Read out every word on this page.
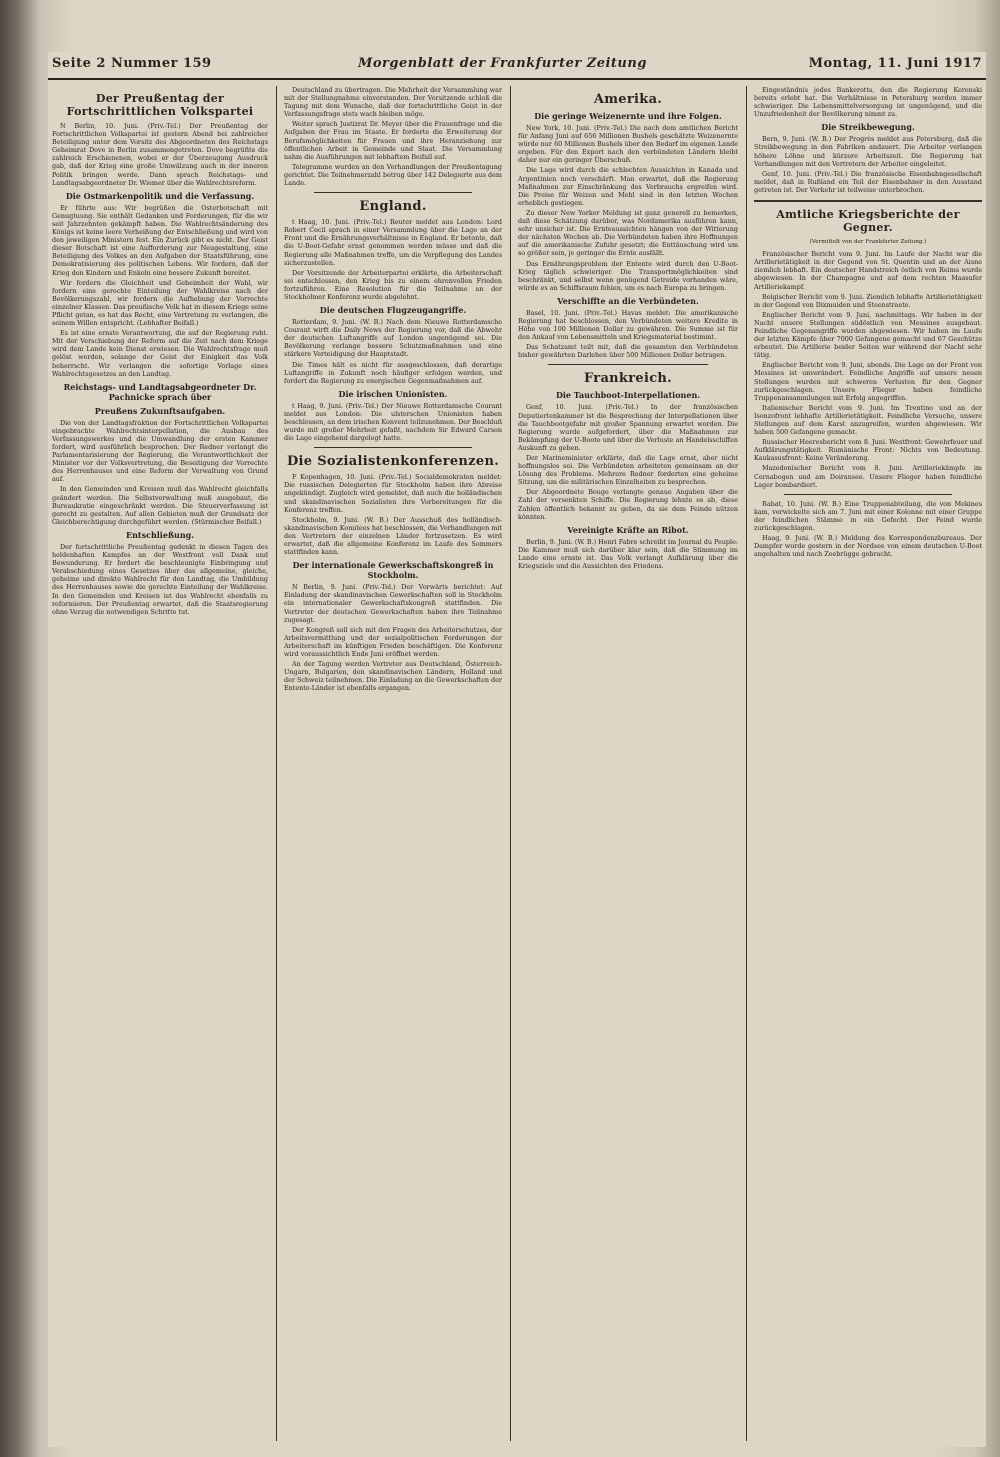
Seite 2 Nummer 159	Morgenblatt der Frankfurter Zeitung	Montag, 11. Juni 1917
Der Preußentag der Fortschrittlichen Volkspartei

N Berlin, 10. Juni. (Priv.-Tel.) Der Preußentag der Fortschrittlichen Volkspartei ist gestern Abend bei zahlreicher Beteiligung unter dem Vorsitz des Abgeordneten des Reichstags Geheimrat Dove in Berlin zusammengetreten. Dove begrüßte die zahlreich Erschienenen, wobei er der Überzeugung Ausdruck gab, daß der Krieg eine große Umwälzung auch in der inneren Politik bringen werde. Dann sprach Reichstags- und Landtagsabgeordneter Dr. Wiemer über die Wahlrechtsreform.

Die Ostmarkenpolitik und die Verfassung.

Er führte aus: Wir begrüßen die Osterbotschaft mit Genugtuung. Sie enthält Gedanken und Forderungen, für die wir seit Jahrzehnten gekämpft haben. Die Wahlrechtsänderung des Königs ist keine leere Verheißung der Entschließung und wird von den jeweiligen Ministern fest. Ein Zurück gibt es nicht. Der Geist dieser Botschaft ist eine Aufforderung zur Neugestaltung, eine Beteiligung des Volkes an den Aufgaben der Staatsführung, eine Demokratisierung des politischen Lebens. Wir fordern, daß der Krieg den Kindern und Enkeln eine bessere Zukunft bereitet.

Wir fordern die Gleichheit und Geheimheit der Wahl, wir fordern eine gerechte Einteilung der Wahlkreise nach der Bevölkerungszahl, wir fordern die Aufhebung der Vorrechte einzelner Klassen. Das preußische Volk hat in diesem Kriege seine Pflicht getan, es hat das Recht, eine Vertretung zu verlangen, die seinem Willen entspricht. (Lebhafter Beifall.)

Es ist eine ernste Verantwortung, die auf der Regierung ruht. Mit der Verschiebung der Reform auf die Zeit nach dem Kriege wird dem Lande kein Dienst erwiesen. Die Wahlrechtsfrage muß gelöst werden, solange der Geist der Einigkeit das Volk beherrscht. Wir verlangen die sofortige Vorlage eines Wahlrechtsgesetzes an den Landtag.

Reichstags- und Landtagsabgeordneter Dr. Pachnicke sprach über
Preußens Zukunftsaufgaben.

Die von der Landtagsfraktion der Fortschrittlichen Volkspartei eingebrachte Wahlrechtsinterpellation, die Ausbau des Verfassungswerkes und die Umwandlung der ersten Kammer fordert, wird ausführlich besprochen. Der Redner verlangt die Parlamentarisierung der Regierung, die Verantwortlichkeit der Minister vor der Volksvertretung, die Beseitigung der Vorrechte des Herrenhauses und eine Reform der Verwaltung von Grund auf.

In den Gemeinden und Kreisen muß das Wahlrecht gleichfalls geändert werden. Die Selbstverwaltung muß ausgebaut, die Bureaukratie eingeschränkt werden. Die Steuerverfassung ist gerecht zu gestalten. Auf allen Gebieten muß der Grundsatz der Gleichberechtigung durchgeführt werden. (Stürmischer Beifall.)

Entschließung.

Der fortschrittliche Preußentag gedenkt in diesen Tagen des heldenhaften Kampfes an der Westfront voll Dank und Bewunderung. Er fordert die beschleunigte Einbringung und Verabschiedung eines Gesetzes über das allgemeine, gleiche, geheime und direkte Wahlrecht für den Landtag, die Umbildung des Herrenhauses sowie die gerechte Einteilung der Wahlkreise. In den Gemeinden und Kreisen ist das Wahlrecht ebenfalls zu reformieren. Der Preußentag erwartet, daß die Staatsregierung ohne Verzug die notwendigen Schritte tut.

Deutschland zu übertragen. Die Mehrheit der Versammlung war mit der Stellungnahme einverstanden. Der Vorsitzende schloß die Tagung mit dem Wunsche, daß der fortschrittliche Geist in der Verfassungsfrage stets wach bleiben möge.

Weiter sprach Justizrat Dr. Meyer über die Frauenfrage und die Aufgaben der Frau im Staate. Er forderte die Erweiterung der Berufsmöglichkeiten für Frauen und ihre Heranziehung zur öffentlichen Arbeit in Gemeinde und Staat. Die Versammlung nahm die Ausführungen mit lebhaftem Beifall auf.

Telegramme wurden an den Verhandlungen der Preußentagung gerichtet. Die Teilnehmerzahl betrug über 142 Delegierte aus dem Lande.

England.

t Haag, 10. Juni. (Priv.-Tel.) Reuter meldet aus London: Lord Robert Cecil sprach in einer Versammlung über die Lage an der Front und die Ernährungsverhältnisse in England. Er betonte, daß die U-Boot-Gefahr ernst genommen werden müsse und daß die Regierung alle Maßnahmen treffe, um die Verpflegung des Landes sicherzustellen.

Der Vorsitzende der Arbeiterpartei erklärte, die Arbeiterschaft sei entschlossen, den Krieg bis zu einem ehrenvollen Frieden fortzuführen. Eine Resolution für die Teilnahme an der Stockholmer Konferenz wurde abgelehnt.

Die deutschen Flugzeugangriffe.

Rotterdam, 9. Juni. (W. B.) Nach dem Nieuwe Rotterdamsche Courant wirft die Daily News der Regierung vor, daß die Abwehr der deutschen Luftangriffe auf London ungenügend sei. Die Bevölkerung verlange bessere Schutzmaßnahmen und eine stärkere Verteidigung der Hauptstadt.

Die Times hält es nicht für ausgeschlossen, daß derartige Luftangriffe in Zukunft noch häufiger erfolgen werden, und fordert die Regierung zu energischen Gegenmaßnahmen auf.

Die irischen Unionisten.

t Haag, 9. Juni. (Priv.-Tel.) Der Nieuwe Rotterdamsche Courant meldet aus London: Die ulsterschen Unionisten haben beschlossen, an dem irischen Konvent teilzunehmen. Der Beschluß wurde mit großer Mehrheit gefaßt, nachdem Sir Edward Carson die Lage eingehend dargelegt hatte.

Die Sozialistenkonferenzen.

F Kopenhagen, 10. Juni. (Priv.-Tel.) Socialdemokraten meldet: Die russischen Delegierten für Stockholm haben ihre Abreise angekündigt. Zugleich wird gemeldet, daß auch die holländischen und skandinavischen Sozialisten ihre Vorbereitungen für die Konferenz treffen.

Stockholm, 9. Juni. (W. B.) Der Ausschuß des holländisch-skandinavischen Komitees hat beschlossen, die Verhandlungen mit den Vertretern der einzelnen Länder fortzusetzen. Es wird erwartet, daß die allgemeine Konferenz im Laufe des Sommers stattfinden kann.

Der internationale Gewerkschaftskongreß in Stockholm.

N Berlin, 9. Juni. (Priv.-Tel.) Der Vorwärts berichtet: Auf Einladung der skandinavischen Gewerkschaften soll in Stockholm ein internationaler Gewerkschaftskongreß stattfinden. Die Vertreter der deutschen Gewerkschaften haben ihre Teilnahme zugesagt.

Der Kongreß soll sich mit den Fragen des Arbeiterschutzes, der Arbeitsvermittlung und der sozialpolitischen Forderungen der Arbeiterschaft im künftigen Frieden beschäftigen. Die Konferenz wird voraussichtlich Ende Juni eröffnet werden.

An der Tagung werden Vertreter aus Deutschland, Österreich-Ungarn, Bulgarien, den skandinavischen Ländern, Holland und der Schweiz teilnehmen. Die Einladung an die Gewerkschaften der Entente-Länder ist ebenfalls ergangen.

Amerika.
Die geringe Weizenernte und ihre Folgen.

New York, 10. Juni. (Priv.-Tel.) Die nach dem amtlichen Bericht für Anfang Juni auf 656 Millionen Bushels geschätzte Weizenernte würde nur 60 Millionen Bushels über den Bedarf im eigenen Lande ergeben. Für den Export nach den verbündeten Ländern bleibt daher nur ein geringer Überschuß.

Die Lage wird durch die schlechten Aussichten in Kanada und Argentinien noch verschärft. Man erwartet, daß die Regierung Maßnahmen zur Einschränkung des Verbrauchs ergreifen wird. Die Preise für Weizen und Mehl sind in den letzten Wochen erheblich gestiegen.

Zu dieser New Yorker Meldung ist ganz generell zu bemerken, daß diese Schätzung darüber, was Nordamerika ausführen kann, sehr unsicher ist. Die Ernteaussichten hängen von der Witterung der nächsten Wochen ab. Die Verbündeten haben ihre Hoffnungen auf die amerikanische Zufuhr gesetzt; die Enttäuschung wird um so größer sein, je geringer die Ernte ausfällt.

Das Ernährungsproblem der Entente wird durch den U-Boot-Krieg täglich schwieriger. Die Transportmöglichkeiten sind beschränkt, und selbst wenn genügend Getreide vorhanden wäre, würde es an Schiffsraum fehlen, um es nach Europa zu bringen.

Verschiffte an die Verbündeten.

Basel, 10. Juni. (Priv.-Tel.) Havas meldet: Die amerikanische Regierung hat beschlossen, den Verbündeten weitere Kredite in Höhe von 100 Millionen Dollar zu gewähren. Die Summe ist für den Ankauf von Lebensmitteln und Kriegsmaterial bestimmt.

Das Schatzamt teilt mit, daß die gesamten den Verbündeten bisher gewährten Darlehen über 500 Millionen Dollar betragen.

Frankreich.
Die Tauchboot-Interpellationen.

Genf, 10. Juni. (Priv.-Tel.) In der französischen Deputiertenkammer ist die Besprechung der Interpellationen über die Tauchbootgefahr mit großer Spannung erwartet worden. Die Regierung wurde aufgefordert, über die Maßnahmen zur Bekämpfung der U-Boote und über die Verluste an Handelsschiffen Auskunft zu geben.

Der Marineminister erklärte, daß die Lage ernst, aber nicht hoffnungslos sei. Die Verbündeten arbeiteten gemeinsam an der Lösung des Problems. Mehrere Redner forderten eine geheime Sitzung, um die militärischen Einzelheiten zu besprechen.

Der Abgeordnete Bouge verlangte genaue Angaben über die Zahl der versenkten Schiffe. Die Regierung lehnte es ab, diese Zahlen öffentlich bekannt zu geben, da sie dem Feinde nützen könnten.

Vereinigte Kräfte an Ribot.

Berlin, 9. Juni. (W. B.) Henri Fabre schreibt im Journal du Peuple: Die Kammer muß sich darüber klar sein, daß die Stimmung im Lande eine ernste ist. Das Volk verlangt Aufklärung über die Kriegsziele und die Aussichten des Friedens.

Eingeständnis jedes Bankerotts, den die Regierung Kerenski bereits erlebt hat. Die Verhältnisse in Petersburg werden immer schwieriger. Die Lebensmittelversorgung ist ungenügend, und die Unzufriedenheit der Bevölkerung nimmt zu.

Die Streikbewegung.

Bern, 9. Juni. (W. B.) Der Progrès meldet aus Petersburg, daß die Streikbewegung in den Fabriken andauert. Die Arbeiter verlangen höhere Löhne und kürzere Arbeitszeit. Die Regierung hat Verhandlungen mit den Vertretern der Arbeiter eingeleitet.

Genf, 10. Juni. (Priv.-Tel.) Die französische Eisenbahngesellschaft meldet, daß in Rußland ein Teil der Eisenbahner in den Ausstand getreten ist. Der Verkehr ist teilweise unterbrochen.

Amtliche Kriegsberichte der Gegner.
(Vermittelt von der Frankfurter Zeitung.)

Französischer Bericht vom 9. Juni. Im Laufe der Nacht war die Artillerietätigkeit in der Gegend von St. Quentin und an der Aisne ziemlich lebhaft. Ein deutscher Handstreich östlich von Reims wurde abgewiesen. In der Champagne und auf dem rechten Maasufer Artilleriekampf.

Belgischer Bericht vom 9. Juni. Ziemlich lebhafte Artillerietätigkeit in der Gegend von Dixmuiden und Steenstraete.

Englischer Bericht vom 9. Juni, nachmittags. Wir haben in der Nacht unsere Stellungen südöstlich von Messines ausgebaut. Feindliche Gegenangriffe wurden abgewiesen. Wir haben im Laufe der letzten Kämpfe über 7000 Gefangene gemacht und 67 Geschütze erbeutet. Die Artillerie beider Seiten war während der Nacht sehr tätig.

Englischer Bericht vom 9. Juni, abends. Die Lage an der Front von Messines ist unverändert. Feindliche Angriffe auf unsere neuen Stellungen wurden mit schweren Verlusten für den Gegner zurückgeschlagen. Unsere Flieger haben feindliche Truppenansammlungen mit Erfolg angegriffen.

Italienischer Bericht vom 9. Juni. Im Trentino und an der Isonzofront lebhafte Artillerietätigkeit. Feindliche Versuche, unsere Stellungen auf dem Karst anzugreifen, wurden abgewiesen. Wir haben 500 Gefangene gemacht.

Russischer Heeresbericht vom 8. Juni. Westfront: Gewehrfeuer und Aufklärungstätigkeit. Rumänische Front: Nichts von Bedeutung. Kaukasusfront: Keine Veränderung.

Mazedonischer Bericht vom 8. Juni. Artilleriekämpfe im Cernabogen und am Doiransee. Unsere Flieger haben feindliche Lager bombardiert.

Rabat, 10. Juni. (W. B.) Eine Truppenabteilung, die von Mekines kam, verwickelte sich am 7. Juni mit einer Kolonne mit einer Gruppe der feindlichen Stämme in ein Gefecht. Der Feind wurde zurückgeschlagen.

Haag, 9. Juni. (W. B.) Meldung des Korrespondenzbureaus. Der Dampfer wurde gestern in der Nordsee von einem deutschen U-Boot angehalten und nach Zeebrügge gebracht.
